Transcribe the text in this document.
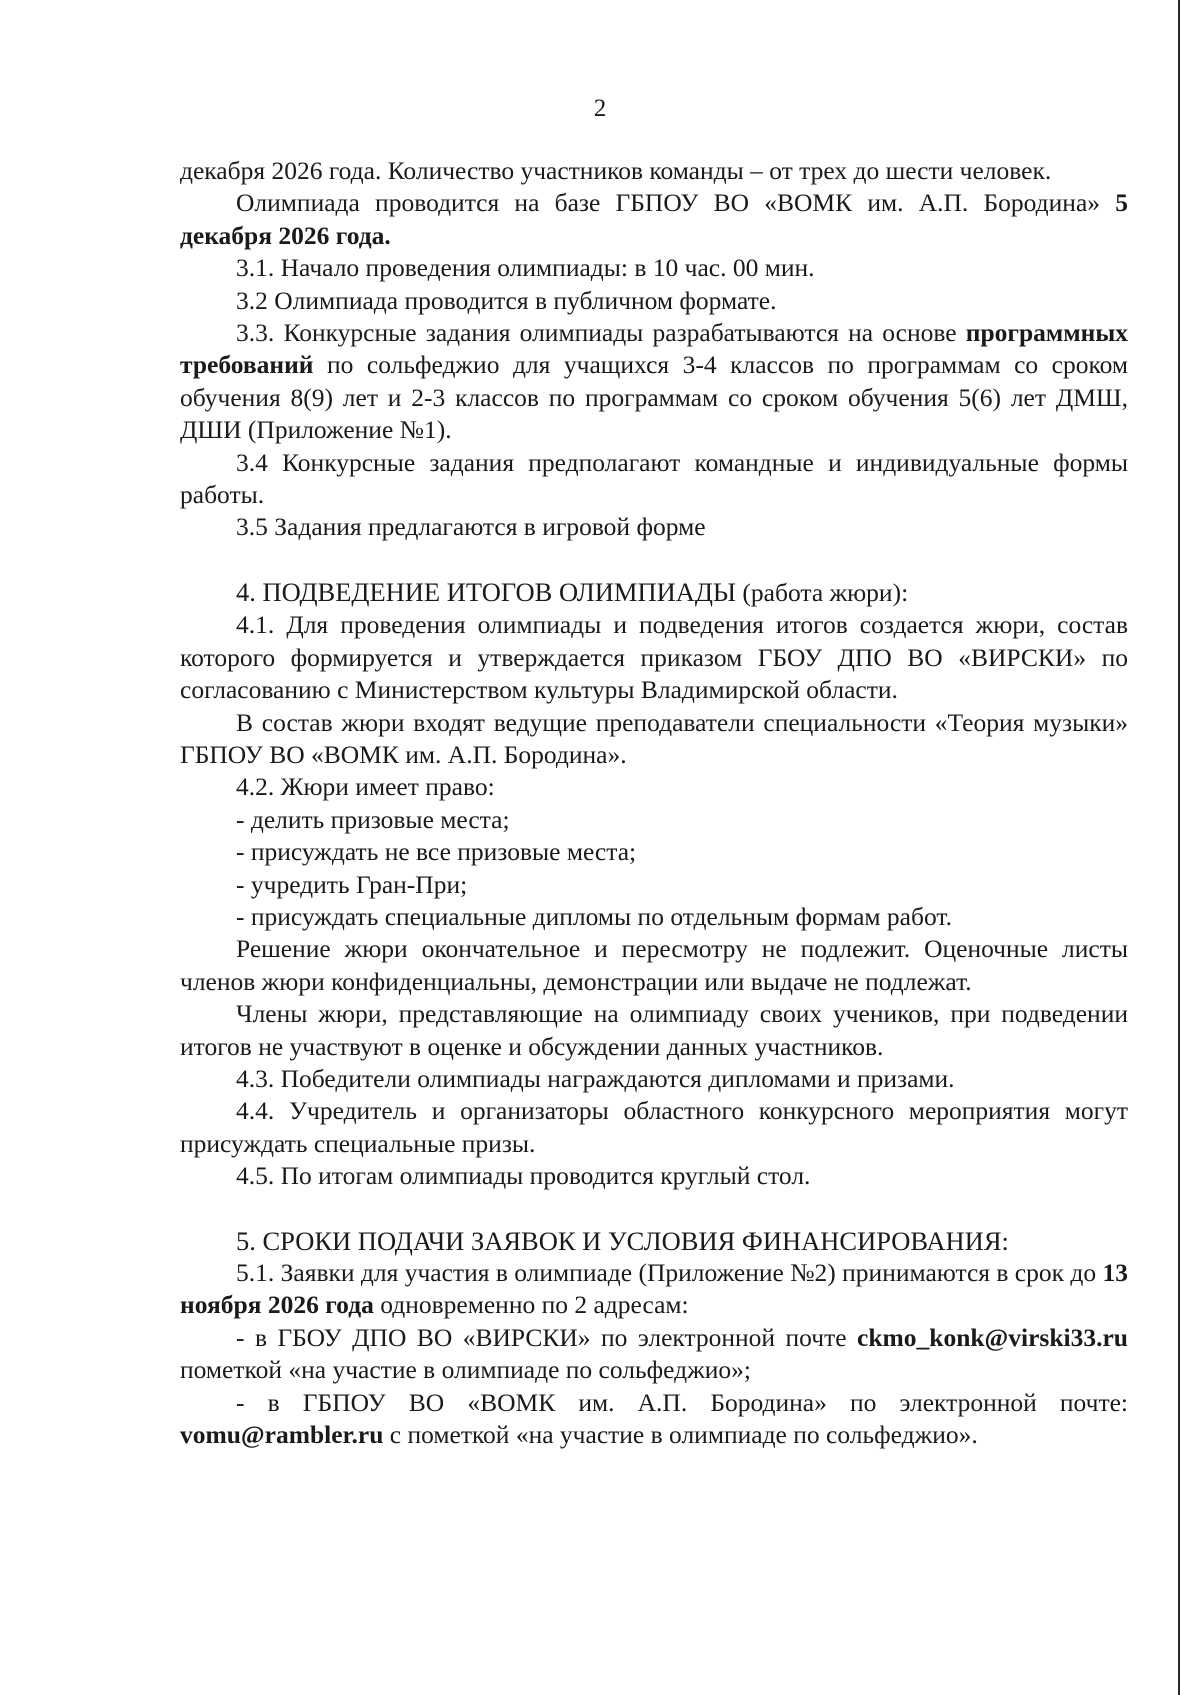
2

декабря 2026 года. Количество участников команды – от трех до шести человек.

Олимпиада проводится на базе ГБПОУ ВО «ВОМК им. А.П. Бородина» 5 декабря 2026 года.

3.1. Начало проведения олимпиады: в 10 час. 00 мин.

3.2 Олимпиада проводится в публичном формате.

3.3. Конкурсные задания олимпиады разрабатываются на основе программных требований по сольфеджио для учащихся 3-4 классов по программам со сроком обучения 8(9) лет и 2-3 классов по программам со сроком обучения 5(6) лет ДМШ, ДШИ (Приложение №1).

3.4 Конкурсные задания предполагают командные и индивидуальные формы работы.

3.5 Задания предлагаются в игровой форме

4. ПОДВЕДЕНИЕ ИТОГОВ ОЛИМПИАДЫ (работа жюри):

4.1. Для проведения олимпиады и подведения итогов создается жюри, состав которого формируется и утверждается приказом ГБОУ ДПО ВО «ВИРСКИ» по согласованию с Министерством культуры Владимирской области.

В состав жюри входят ведущие преподаватели специальности «Теория музыки» ГБПОУ ВО «ВОМК им. А.П. Бородина».

4.2. Жюри имеет право:

- делить призовые места;

- присуждать не все призовые места;

- учредить Гран-При;

- присуждать специальные дипломы по отдельным формам работ.

Решение жюри окончательное и пересмотру не подлежит. Оценочные листы членов жюри конфиденциальны, демонстрации или выдаче не подлежат.

Члены жюри, представляющие на олимпиаду своих учеников, при подведении итогов не участвуют в оценке и обсуждении данных участников.

4.3. Победители олимпиады награждаются дипломами и призами.

4.4. Учредитель и организаторы областного конкурсного мероприятия могут присуждать специальные призы.

4.5. По итогам олимпиады проводится круглый стол.

5. СРОКИ ПОДАЧИ ЗАЯВОК И УСЛОВИЯ ФИНАНСИРОВАНИЯ:

5.1. Заявки для участия в олимпиаде (Приложение №2) принимаются в срок до 13 ноября 2026 года одновременно по 2 адресам:

- в ГБОУ ДПО ВО «ВИРСКИ» по электронной почте ckmo_konk@virski33.ru пометкой «на участие в олимпиаде по сольфеджио»;

- в ГБПОУ ВО «ВОМК им. А.П. Бородина» по электронной почте: vomu@rambler.ru с пометкой «на участие в олимпиаде по сольфеджио».
